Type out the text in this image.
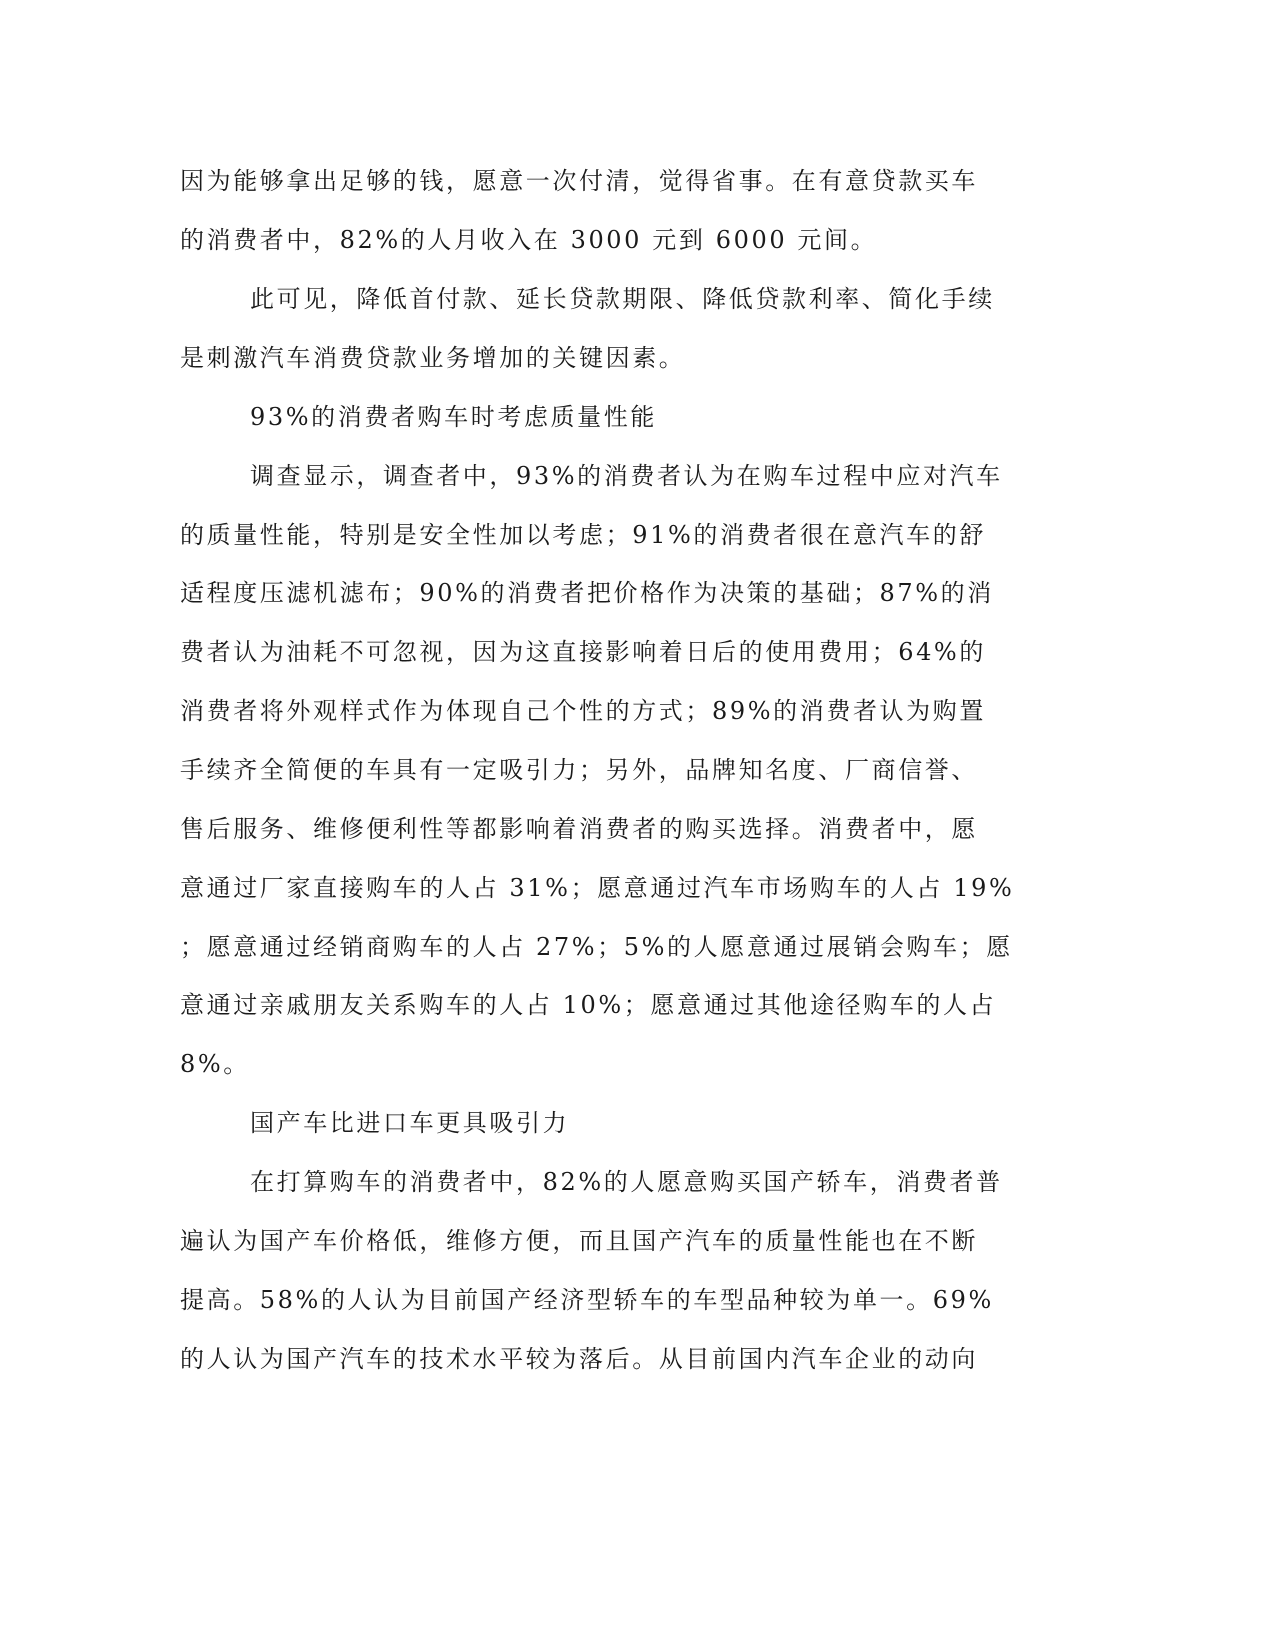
因为能够拿出足够的钱，愿意一次付清，觉得省事。在有意贷款买车
的消费者中，82%的人月收入在 3000 元到 6000 元间。
此可见，降低首付款、延长贷款期限、降低贷款利率、简化手续
是刺激汽车消费贷款业务增加的关键因素。
93%的消费者购车时考虑质量性能
调查显示，调查者中，93%的消费者认为在购车过程中应对汽车
的质量性能，特别是安全性加以考虑；91%的消费者很在意汽车的舒
适程度压滤机滤布；90%的消费者把价格作为决策的基础；87%的消
费者认为油耗不可忽视，因为这直接影响着日后的使用费用；64%的
消费者将外观样式作为体现自己个性的方式；89%的消费者认为购置
手续齐全简便的车具有一定吸引力；另外，品牌知名度、厂商信誉、
售后服务、维修便利性等都影响着消费者的购买选择。消费者中，愿
意通过厂家直接购车的人占 31%；愿意通过汽车市场购车的人占 19%
；愿意通过经销商购车的人占 27%；5%的人愿意通过展销会购车；愿
意通过亲戚朋友关系购车的人占 10%；愿意通过其他途径购车的人占
8%。
国产车比进口车更具吸引力
在打算购车的消费者中，82%的人愿意购买国产轿车，消费者普
遍认为国产车价格低，维修方便，而且国产汽车的质量性能也在不断
提高。58%的人认为目前国产经济型轿车的车型品种较为单一。69%
的人认为国产汽车的技术水平较为落后。从目前国内汽车企业的动向
